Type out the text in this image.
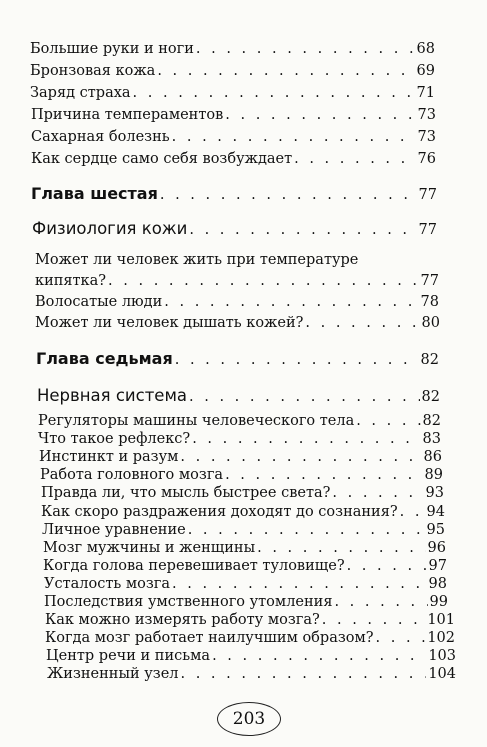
Большие руки и ноги . . .	68
Бронзовая кожа . . .	69
Заряд страха . . .	71
Причина темпераментов . . .	73
Сахарная болезнь . . .	73
Как сердце само себя возбуждает . . .	76
Глава шестая . . .	77
Физиология кожи . . .	77
Может ли человек жить при температуре
кипятка? . . .	77
Волосатые люди . . .	78
Может ли человек дышать кожей? . . .	80
Глава седьмая . . .	82
Нервная система . . .	82
Регуляторы машины человеческого тела . . .	82
Что такое рефлекс? . . .	83
Инстинкт и разум . . .	86
Работа головного мозга . . .	89
Правда ли, что мысль быстрее света? . . .	93
Как скоро раздражения доходят до сознания? . . . 94
Личное уравнение . . .	95
Мозг мужчины и женщины . . .	96
Когда голова перевешивает туловище? . . .	97
Усталость мозга . . .	98
Последствия умственного утомления . . .	99
Как можно измерять работу мозга? . . .	101
Когда мозг работает наилучшим образом? . . .	102
Центр речи и письма . . .	103
203
Жизненный узел . . .	104
